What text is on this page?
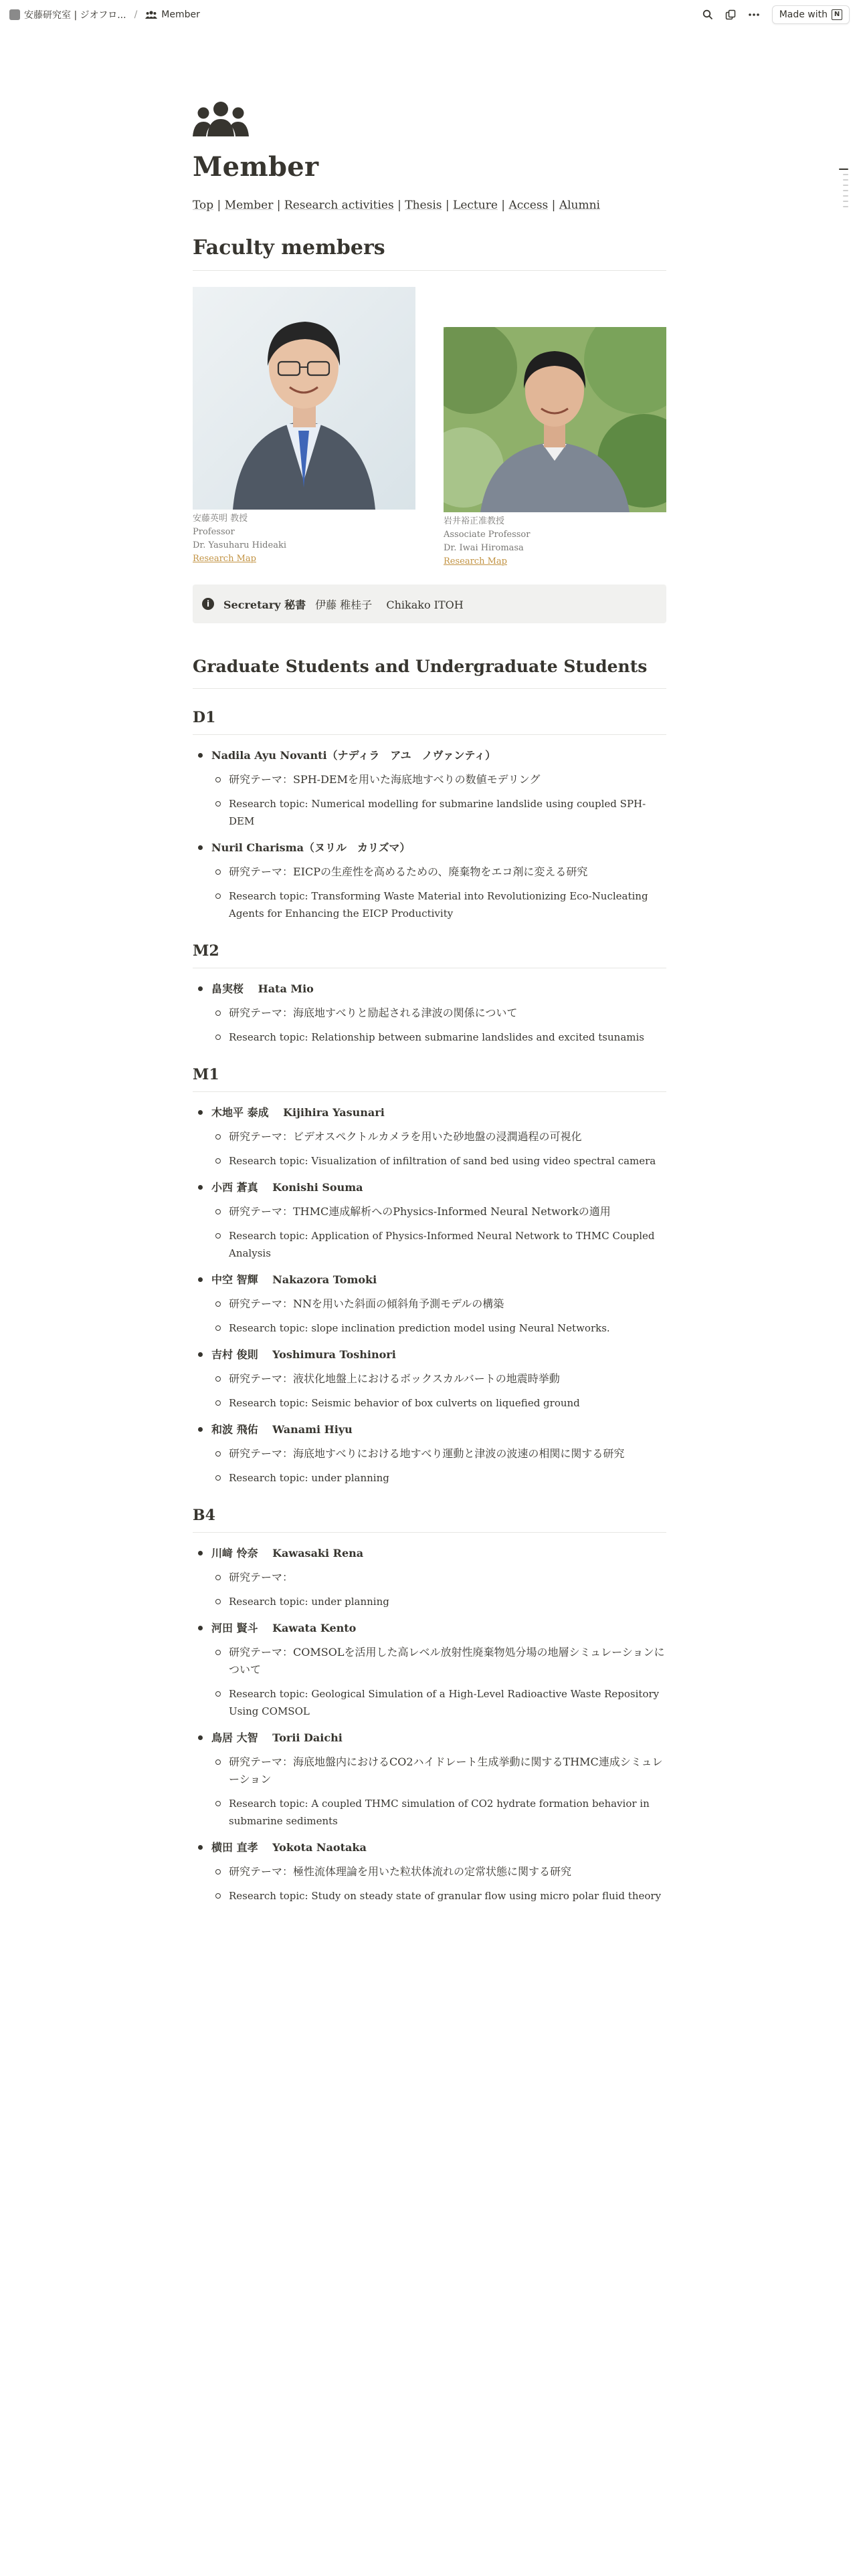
安藤研究室 | ジオフロ... /	Member	Made with N
Member
Top | Member | Research activities | Thesis | Lecture | Access | Alumni
Faculty members
安藤英明 教授
Professor
Dr. Yasuharu Hideaki
Research Map
岩井裕正准教授
Associate Professor
Dr. Iwai Hiromasa
Research Map
i	Secretary 秘書 伊藤 稚桂子　 Chikako ITOH
Graduate Students and Undergraduate Students
D1
Nadila Ayu Novanti（ナディラ　アユ　ノヴァンティ）
研究テーマ：SPH-DEMを用いた海底地すべりの数値モデリング
Research topic: Numerical modelling for submarine landslide using coupled SPH-DEM
Nuril Charisma（ヌリル　カリズマ）
研究テーマ：EICPの生産性を高めるための、廃棄物をエコ剤に変える研究
Research topic: Transforming Waste Material into Revolutionizing Eco-Nucleating Agents for Enhancing the EICP Productivity
M2
畠実桜　 Hata Mio
研究テーマ：海底地すべりと励起される津波の関係について
Research topic: Relationship between submarine landslides and excited tsunamis
M1
木地平 泰成　 Kijihira Yasunari
研究テーマ：ビデオスペクトルカメラを用いた砂地盤の浸潤過程の可視化
Research topic: Visualization of infiltration of sand bed using video spectral camera
小西 蒼真　 Konishi Souma
研究テーマ：THMC連成解析へのPhysics-Informed Neural Networkの適用
Research topic: Application of Physics-Informed Neural Network to THMC Coupled Analysis
中空 智輝　 Nakazora Tomoki
研究テーマ：NNを用いた斜面の傾斜角予測モデルの構築
Research topic: slope inclination prediction model using Neural Networks.
吉村 俊則　 Yoshimura Toshinori
研究テーマ：液状化地盤上におけるボックスカルバートの地震時挙動
Research topic: Seismic behavior of box culverts on liquefied ground
和波 飛佑　 Wanami Hiyu
研究テーマ：海底地すべりにおける地すべり運動と津波の波速の相関に関する研究
Research topic: under planning
B4
川﨑 怜奈　 Kawasaki Rena
研究テーマ：
Research topic: under planning
河田 賢斗　 Kawata Kento
研究テーマ：COMSOLを活用した高レベル放射性廃棄物処分場の地層シミュレーションについて
Research topic: Geological Simulation of a High-Level Radioactive Waste Repository Using COMSOL
鳥居 大智　 Torii Daichi
研究テーマ：海底地盤内におけるCO2ハイドレート生成挙動に関するTHMC連成シミュレーション
Research topic: A coupled THMC simulation of CO2 hydrate formation behavior in submarine sediments
横田 直孝　 Yokota Naotaka
研究テーマ：極性流体理論を用いた粒状体流れの定常状態に関する研究
Research topic: Study on steady state of granular flow using micro polar fluid theory
